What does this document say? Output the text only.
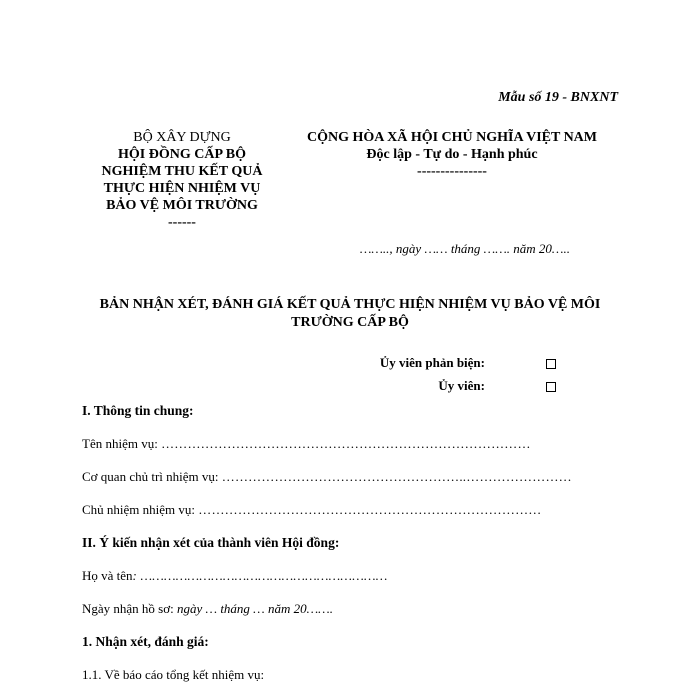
Mẫu số 19 - BNXNT
BỘ XÂY DỰNG
HỘI ĐỒNG CẤP BỘ
NGHIỆM THU KẾT QUẢ
THỰC HIỆN NHIỆM VỤ
BẢO VỆ MÔI TRƯỜNG
------
CỘNG HÒA XÃ HỘI CHỦ NGHĨA VIỆT NAM
Độc lập - Tự do - Hạnh phúc
---------------
…….., ngày …… tháng ……. năm 20…..
BẢN NHẬN XÉT, ĐÁNH GIÁ KẾT QUẢ THỰC HIỆN NHIỆM VỤ BẢO VỆ MÔI TRƯỜNG CẤP BỘ
Ủy viên phản biện:
Ủy viên:
I. Thông tin chung:
Tên nhiệm vụ: …………………………………………………………………………
Cơ quan chủ trì nhiệm vụ: ………………………………………………..……………………
Chủ nhiệm nhiệm vụ: ……………………………………………………………………
II. Ý kiến nhận xét của thành viên Hội đồng:
Họ và tên: ………………………………………………………
Ngày nhận hồ sơ: ngày … tháng … năm 20…….
1. Nhận xét, đánh giá:
1.1. Về báo cáo tổng kết nhiệm vụ:
